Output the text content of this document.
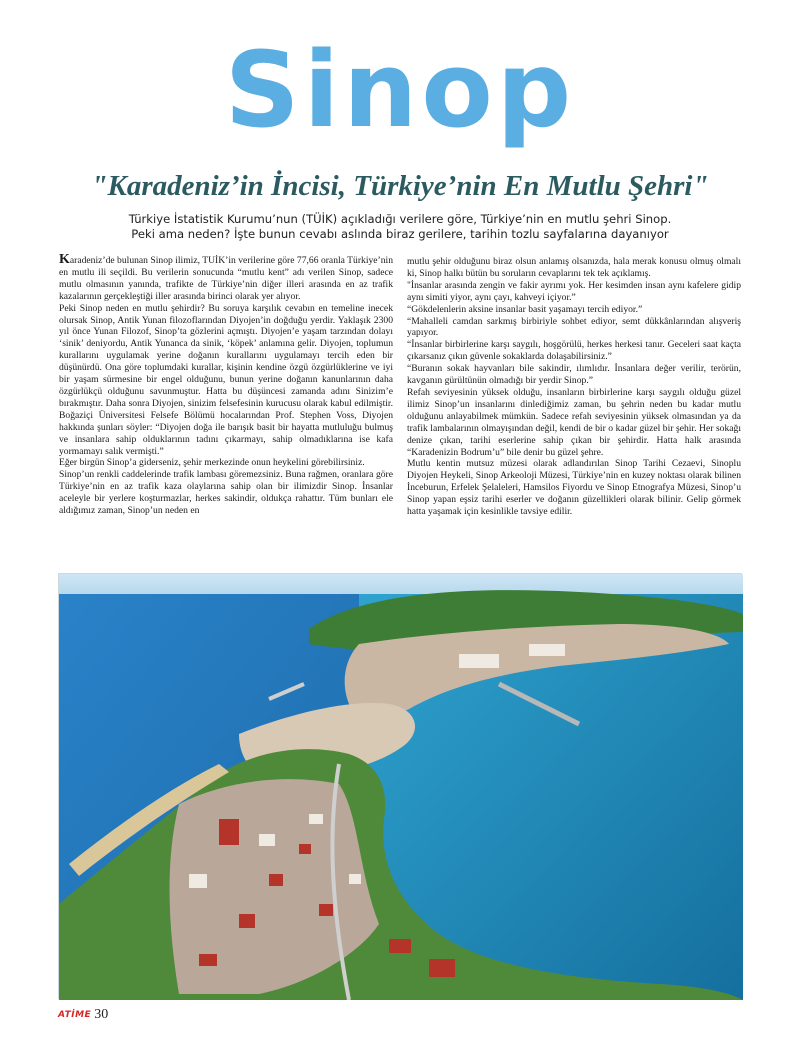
Sinop
"Karadeniz’in İncisi, Türkiye’nin En Mutlu Şehri"

Türkiye İstatistik Kurumu’nun (TÜİK) açıkladığı verilere göre, Türkiye’nin en mutlu şehri Sinop.

Peki ama neden? İşte bunun cevabı aslında biraz gerilere, tarihin tozlu sayfalarına dayanıyor

Karadeniz’de bulunan Sinop ilimiz, TUİK’in verilerine göre 77,66 oranla Türkiye’nin en mutlu ili seçildi. Bu verilerin sonucunda “mutlu kent” adı verilen Sinop, sadece mutlu olmasının yanında, trafikte de Türkiye’nin diğer illeri arasında en az trafik kazalarının gerçekleştiği iller arasında birinci olarak yer alıyor.

Peki Sinop neden en mutlu şehirdir? Bu soruya karşılık cevabın en temeline inecek olursak Sinop, Antik Yunan filozoflarından Diyojen’in doğduğu yerdir. Yaklaşık 2300 yıl önce Yunan Filozof, Sinop’ta gözlerini açmıştı. Diyojen’e yaşam tarzından dolayı ‘sinik’ deniyordu, Antik Yunanca da sinik, ‘köpek’ anlamına gelir. Diyojen, toplumun kurallarını uygulamak yerine doğanın kurallarını uygulamayı tercih eden bir düşünürdü. Ona göre toplumdaki kurallar, kişinin kendine özgü özgürlüklerine ve iyi bir yaşam sürmesine bir engel olduğunu, bunun yerine doğanın kanunlarının daha özgürlükçü olduğunu savunmuştur. Hatta bu düşüncesi zamanda adını Sinizim’e bırakmıştır. Daha sonra Diyojen, sinizim felsefesinin kurucusu olarak kabul edilmiştir. Boğaziçi Üniversitesi Felsefe Bölümü hocalarından Prof. Stephen Voss, Diyojen hakkında şunları söyler: “Diyojen doğa ile barışık basit bir hayatta mutluluğu bulmuş ve insanlara sahip olduklarının tadını çıkarmayı, sahip olmadıklarına ise kafa yormamayı salık vermişti.”

Eğer birgün Sinop’a giderseniz, şehir merkezinde onun heykelini görebilirsiniz.

Sinop’un renkli caddelerinde trafik lambası göremezsiniz. Buna rağmen, oranlara göre Türkiye’nin en az trafik kaza olaylarına sahip olan bir ilimizdir Sinop. İnsanlar aceleyle bir yerlere koşturmazlar, herkes sakindir, oldukça rahattır. Tüm bunları ele aldığımız zaman, Sinop’un neden en

mutlu şehir olduğunu biraz olsun anlamış olsanızda, hala merak konusu olmuş olmalı ki, Sinop halkı bütün bu soruların cevaplarını tek tek açıklamış.

"İnsanlar arasında zengin ve fakir ayrımı yok. Her kesimden insan aynı kafelere gidip aynı simiti yiyor, aynı çayı, kahveyi içiyor.”

“Gökdelenlerin aksine insanlar basit yaşamayı tercih ediyor.”

“Mahalleli camdan sarkmış birbiriyle sohbet ediyor, semt dükkânlarından alışveriş yapıyor.

“İnsanlar birbirlerine karşı saygılı, hoşgörülü, herkes herkesi tanır. Geceleri saat kaçta çıkarsanız çıkın güvenle sokaklarda dolaşabilirsiniz.”

“Buranın sokak hayvanları bile sakindir, ılımlıdır. İnsanlara değer verilir, terörün, kavganın gürültünün olmadığı bir yerdir Sinop.”

Refah seviyesinin yüksek olduğu, insanların birbirlerine karşı saygılı olduğu güzel ilimiz Sinop’un insanlarını dinlediğimiz zaman, bu şehrin neden bu kadar mutlu olduğunu anlayabilmek mümkün. Sadece refah seviyesinin yüksek olmasından ya da trafik lambalarının olmayışından değil, kendi de bir o kadar güzel bir şehir. Her sokağı denize çıkan, tarihi eserlerine sahip çıkan bir şehirdir. Hatta halk arasında “Karadenizin Bodrum’u” bile denir bu güzel şehre.

Mutlu kentin mutsuz müzesi olarak adlandırılan Sinop Tarihi Cezaevi, Sinoplu Diyojen Heykeli, Sinop Arkeoloji Müzesi, Türkiye’nin en kuzey noktası olarak bilinen İnceburun, Erfelek Şelaleleri, Hamsilos Fiyordu ve Sinop Etnografya Müzesi, Sinop’u Sinop yapan eşsiz tarihi eserler ve doğanın güzellikleri olarak bilinir. Gelip görmek hatta yaşamak için kesinlikle tavsiye edilir.

ATİME 30
